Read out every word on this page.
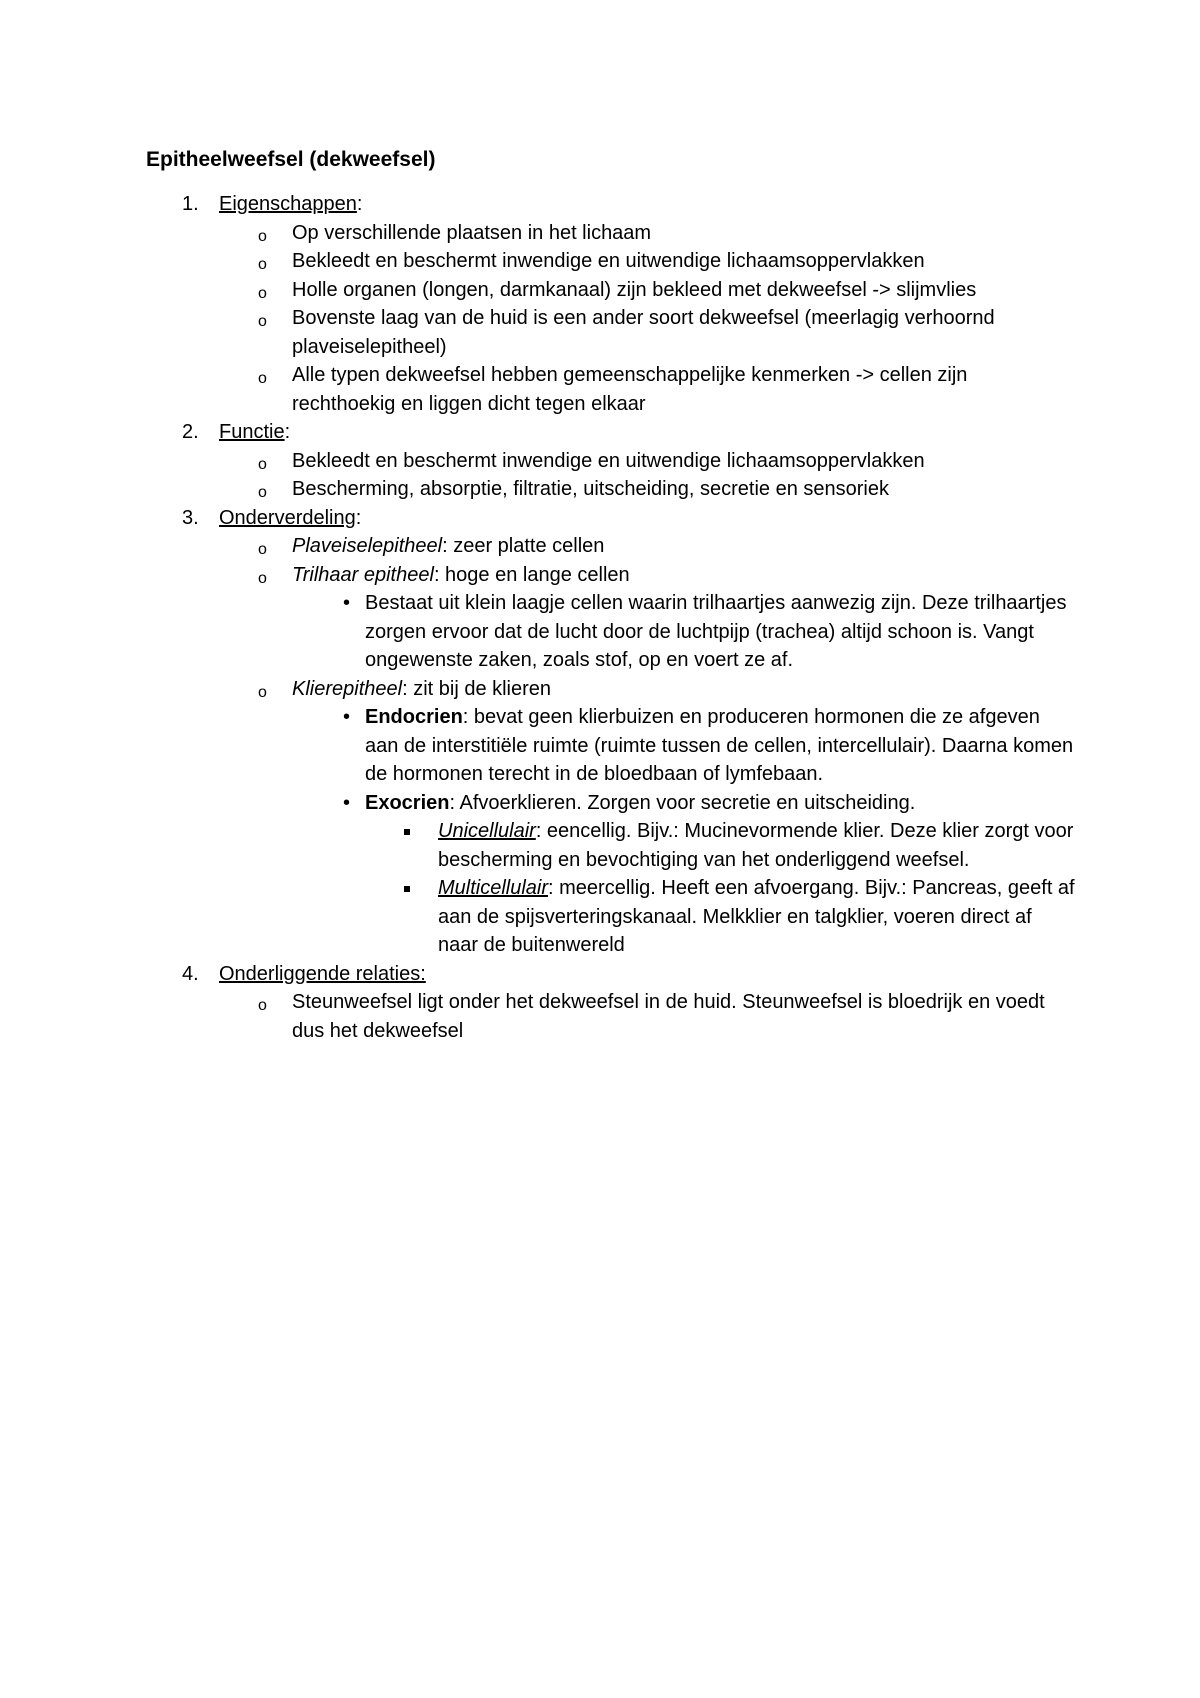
Epitheelweefsel (dekweefsel)
1. Eigenschappen:
o Op verschillende plaatsen in het lichaam
o Bekleedt en beschermt inwendige en uitwendige lichaamsoppervlakken
o Holle organen (longen, darmkanaal) zijn bekleed met dekweefsel -> slijmvlies
o Bovenste laag van de huid is een ander soort dekweefsel (meerlagig verhoornd plaveiselepitheel)
o Alle typen dekweefsel hebben gemeenschappelijke kenmerken -> cellen zijn rechthoekig en liggen dicht tegen elkaar
2. Functie:
o Bekleedt en beschermt inwendige en uitwendige lichaamsoppervlakken
o Bescherming, absorptie, filtratie, uitscheiding, secretie en sensoriek
3. Onderverdeling:
o Plaveiselepitheel: zeer platte cellen
o Trilhaar epitheel: hoge en lange cellen
• Bestaat uit klein laagje cellen waarin trilhaartjes aanwezig zijn. Deze trilhaartjes zorgen ervoor dat de lucht door de luchtpijp (trachea) altijd schoon is. Vangt ongewenste zaken, zoals stof, op en voert ze af.
o Klierepitheel: zit bij de klieren
• Endocrien: bevat geen klierbuizen en produceren hormonen die ze afgeven aan de interstitiële ruimte (ruimte tussen de cellen, intercellulair). Daarna komen de hormonen terecht in de bloedbaan of lymfebaan.
• Exocrien: Afvoerklieren. Zorgen voor secretie en uitscheiding.
Unicellulair: eencellig. Bijv.: Mucinevormende klier. Deze klier zorgt voor bescherming en bevochtiging van het onderliggend weefsel.
Multicellulair: meercellig. Heeft een afvoergang. Bijv.: Pancreas, geeft af aan de spijsverteringskanaal. Melkklier en talgklier, voeren direct af naar de buitenwereld
4. Onderliggende relaties:
o Steunweefsel ligt onder het dekweefsel in de huid. Steunweefsel is bloedrijk en voedt dus het dekweefsel
